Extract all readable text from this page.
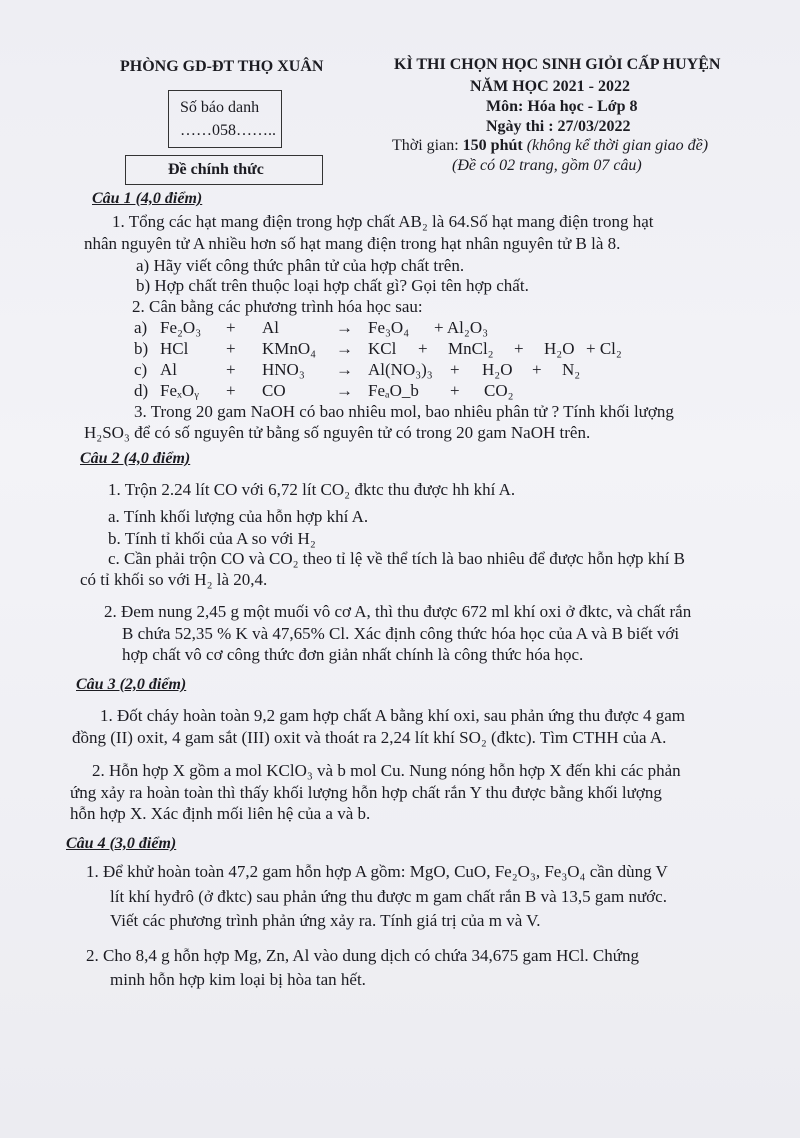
PHÒNG GD-ĐT THỌ XUÂN
Số báo danh
……058……..
Đề chính thức
KÌ THI CHỌN HỌC SINH GIỎI CẤP HUYỆN
NĂM HỌC 2021 - 2022
Môn: Hóa học - Lớp 8
Ngày thi : 27/03/2022
Thời gian: 150 phút (không kể thời gian giao đề)
(Đề có 02 trang, gồm 07 câu)
Câu 1 (4,0 điểm)
1. Tổng các hạt mang điện trong hợp chất AB₂ là 64.Số hạt mang điện trong hạt
nhân nguyên tử A nhiều hơn số hạt mang điện trong hạt nhân nguyên tử B là 8.
a) Hãy viết công thức phân tử của hợp chất trên.
b) Hợp chất trên thuộc loại hợp chất gì? Gọi tên hợp chất.
2. Cân bằng các phương trình hóa học sau:
a) Fe₂O₃ + Al	→ Fe₃O₄ + Al₂O₃
b) HCl + KMnO₄ → KCl + MnCl₂ + H₂O + Cl₂
c) Al	+ HNO₃ → Al(NO₃)₃ + H₂O + N₂
d) FeₓOᵧ + CO	→ FeₐO_b + CO₂
3. Trong 20 gam NaOH có bao nhiêu mol, bao nhiêu phân tử ? Tính khối lượng
H₂SO₃ để có số nguyên tử bằng số nguyên tử có trong 20 gam NaOH trên.
Câu 2 (4,0 điểm)
1. Trộn 2.24 lít CO với 6,72 lít CO₂ đktc thu được hh khí A.
a. Tính khối lượng của hỗn hợp khí A.
b. Tính tỉ khối của A so với H₂
c. Cần phải trộn CO và CO₂ theo tỉ lệ về thể tích là bao nhiêu để được hỗn hợp khí B
có tỉ khối so với H₂ là 20,4.
2. Đem nung 2,45 g một muối vô cơ A, thì thu được 672 ml khí oxi ở đktc, và chất rắn
B chứa 52,35 % K và 47,65% Cl. Xác định công thức hóa học của A và B biết với
hợp chất vô cơ công thức đơn giản nhất chính là công thức hóa học.
Câu 3 (2,0 điểm)
1. Đốt cháy hoàn toàn 9,2 gam hợp chất A bằng khí oxi, sau phản ứng thu được 4 gam
đồng (II) oxit, 4 gam sắt (III) oxit và thoát ra 2,24 lít khí SO₂ (đktc). Tìm CTHH của A.
2. Hỗn hợp X gồm a mol KClO₃ và b mol Cu. Nung nóng hỗn hợp X đến khi các phản
ứng xảy ra hoàn toàn thì thấy khối lượng hỗn hợp chất rắn Y thu được bằng khối lượng
hỗn hợp X. Xác định mối liên hệ của a và b.
Câu 4 (3,0 điểm)
1. Để khử hoàn toàn 47,2 gam hỗn hợp A gồm: MgO, CuO, Fe₂O₃, Fe₃O₄ cần dùng V
lít khí hyđrô (ở đktc) sau phản ứng thu được m gam chất rắn B và 13,5 gam nước.
Viết các phương trình phản ứng xảy ra. Tính giá trị của m và V.
2. Cho 8,4 g hỗn hợp Mg, Zn, Al vào dung dịch có chứa 34,675 gam HCl. Chứng
minh hỗn hợp kim loại bị hòa tan hết.
